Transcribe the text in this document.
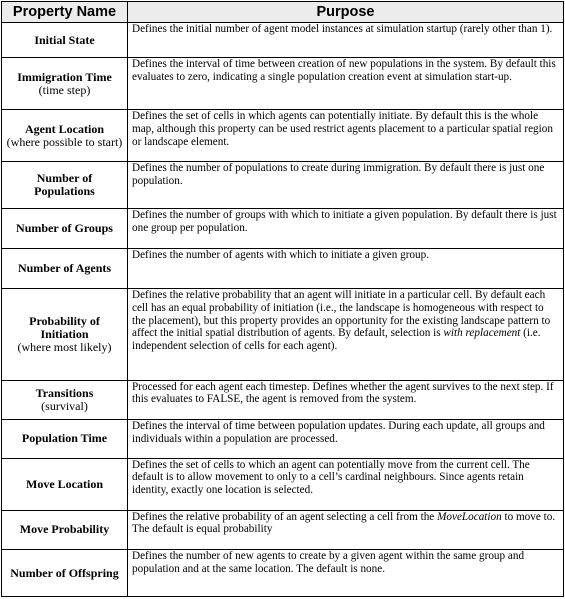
Property Name	Purpose
Initial State	Defines the initial number of agent model instances at simulation startup (rarely other than 1).
Immigration Time
(time step)	Defines the interval of time between creation of new populations in the system. By default this evaluates to zero, indicating a single population creation event at simulation start-up.
Agent Location
(where possible to start)	Defines the set of cells in which agents can potentially initiate. By default this is the whole map, although this property can be used restrict agents placement to a particular spatial region or landscape element.
Number of Populations	Defines the number of populations to create during immigration. By default there is just one population.
Number of Groups	Defines the number of groups with which to initiate a given population. By default there is just one group per population.
Number of Agents	Defines the number of agents with which to initiate a given group.
Probability of Initiation
(where most likely)	Defines the relative probability that an agent will initiate in a particular cell. By default each cell has an equal probability of initiation (i.e., the landscape is homogeneous with respect to the placement), but this property provides an opportunity for the existing landscape pattern to affect the initial spatial distribution of agents. By default, selection is with replacement (i.e. independent selection of cells for each agent).
Transitions
(survival)	Processed for each agent each timestep. Defines whether the agent survives to the next step. If this evaluates to FALSE, the agent is removed from the system.
Population Time	Defines the interval of time between population updates. During each update, all groups and individuals within a population are processed.
Move Location	Defines the set of cells to which an agent can potentially move from the current cell. The default is to allow movement to only to a cell’s cardinal neighbours. Since agents retain identity, exactly one location is selected.
Move Probability	Defines the relative probability of an agent selecting a cell from the MoveLocation to move to. The default is equal probability
Number of Offspring	Defines the number of new agents to create by a given agent within the same group and population and at the same location. The default is none.
